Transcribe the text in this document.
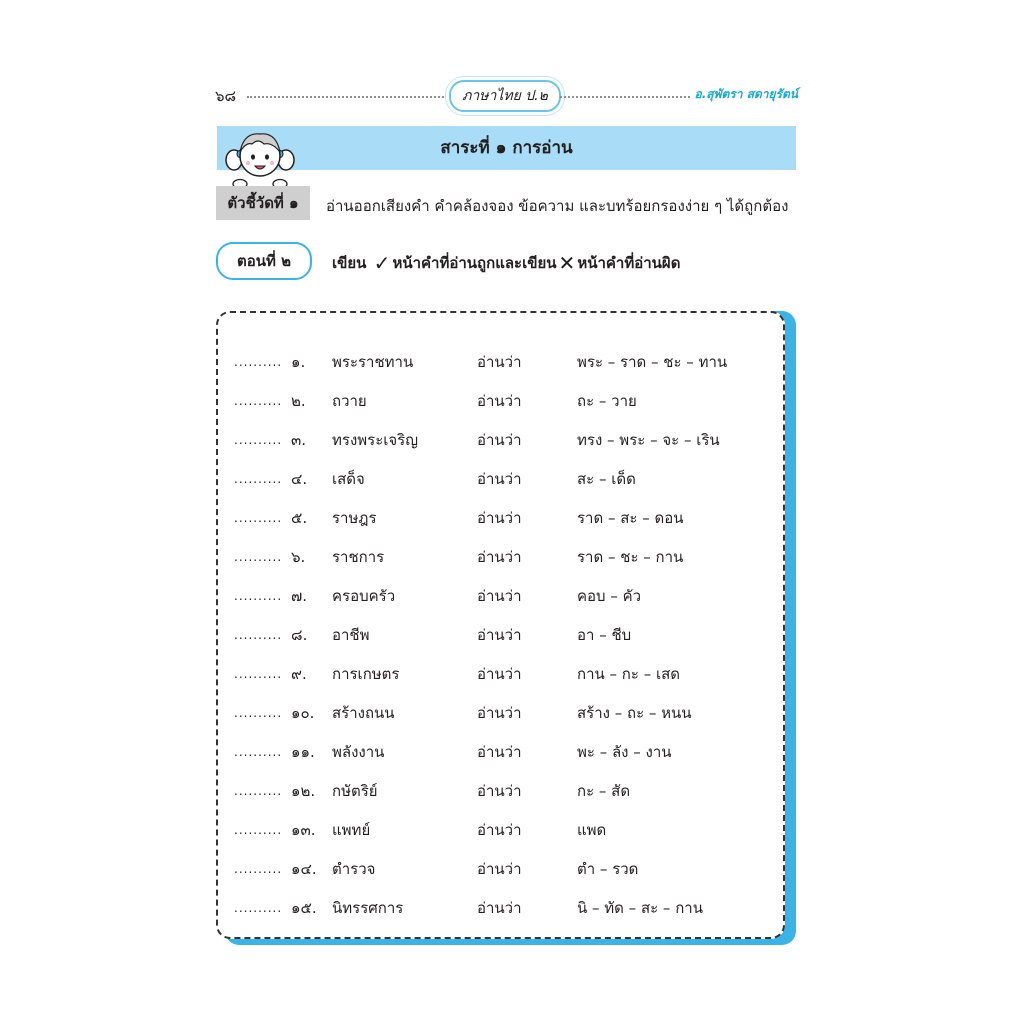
๖๘	ภาษาไทย ป.๒	อ.สุพัตรา สดายุรัตน์
สาระที่ ๑ การอ่าน
ตัวชี้วัดที่ ๑	อ่านออกเสียงคำ คำคล้องจอง ข้อความ และบทร้อยกรองง่าย ๆ ได้ถูกต้อง
ตอนที่ ๒	เขียน ✓ หน้าคำที่อ่านถูกและเขียน ✕ หน้าคำที่อ่านผิด
.......... ๑. พระราชทาน	อ่านว่า	พระ – ราด – ชะ – ทาน
.......... ๒. ถวาย	อ่านว่า	ถะ – วาย
.......... ๓. ทรงพระเจริญ	อ่านว่า	ทรง – พระ – จะ – เริน
.......... ๔. เสด็จ	อ่านว่า	สะ – เด็ด
.......... ๕. ราษฎร	อ่านว่า	ราด – สะ – ดอน
.......... ๖. ราชการ	อ่านว่า	ราด – ชะ – กาน
.......... ๗. ครอบครัว	อ่านว่า	คอบ – คัว
.......... ๘. อาชีพ	อ่านว่า	อา – ชีบ
.......... ๙. การเกษตร	อ่านว่า	กาน – กะ – เสด
.......... ๑๐. สร้างถนน	อ่านว่า	สร้าง – ถะ – หนน
.......... ๑๑. พลังงาน	อ่านว่า	พะ – ลัง – งาน
.......... ๑๒. กษัตริย์	อ่านว่า	กะ – สัด
.......... ๑๓. แพทย์	อ่านว่า	แพด
.......... ๑๔. ตำรวจ	อ่านว่า	ตำ – รวด
.......... ๑๕. นิทรรศการ	อ่านว่า	นิ – ทัด – สะ – กาน
